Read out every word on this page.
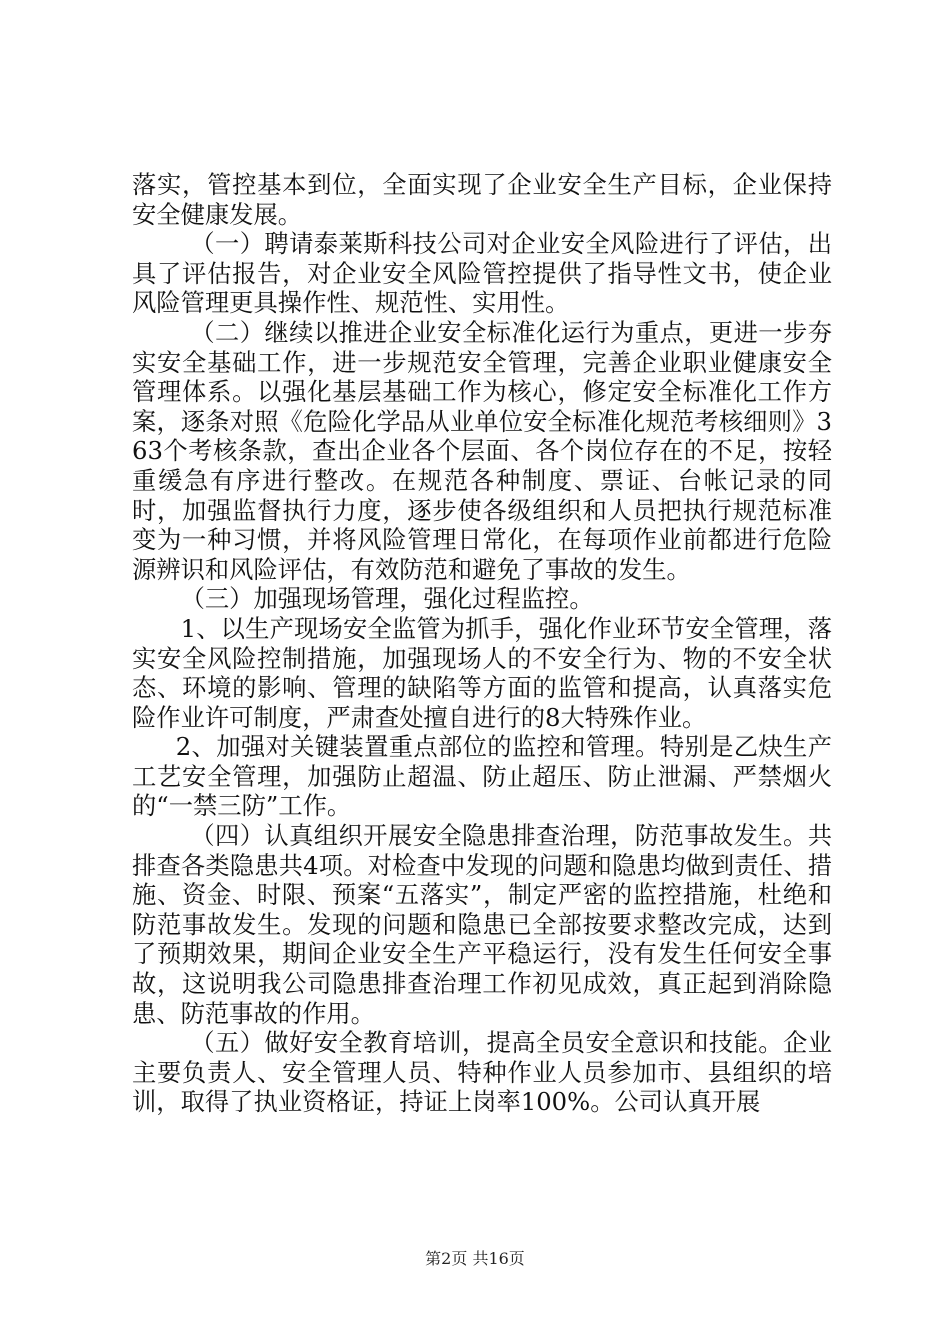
落实，管控基本到位，全面实现了企业安全生产目标，企业保持安全健康发展。

（一）聘请泰莱斯科技公司对企业安全风险进行了评估，出具了评估报告，对企业安全风险管控提供了指导性文书，使企业风险管理更具操作性、规范性、实用性。

（二）继续以推进企业安全标准化运行为重点，更进一步夯实安全基础工作，进一步规范安全管理，完善企业职业健康安全管理体系。以强化基层基础工作为核心，修定安全标准化工作方案，逐条对照《危险化学品从业单位安全标准化规范考核细则》363个考核条款，查出企业各个层面、各个岗位存在的不足，按轻重缓急有序进行整改。在规范各种制度、票证、台帐记录的同时，加强监督执行力度，逐步使各级组织和人员把执行规范标准变为一种习惯，并将风险管理日常化，在每项作业前都进行危险源辨识和风险评估，有效防范和避免了事故的发生。

（三）加强现场管理，强化过程监控。

1、以生产现场安全监管为抓手，强化作业环节安全管理，落实安全风险控制措施，加强现场人的不安全行为、物的不安全状态、环境的影响、管理的缺陷等方面的监管和提高，认真落实危险作业许可制度，严肃查处擅自进行的8大特殊作业。

2、加强对关键装置重点部位的监控和管理。特别是乙炔生产工艺安全管理，加强防止超温、防止超压、防止泄漏、严禁烟火的“一禁三防”工作。

（四）认真组织开展安全隐患排查治理，防范事故发生。共排查各类隐患共4项。对检查中发现的问题和隐患均做到责任、措施、资金、时限、预案“五落实”，制定严密的监控措施，杜绝和防范事故发生。发现的问题和隐患已全部按要求整改完成，达到了预期效果，期间企业安全生产平稳运行，没有发生任何安全事故，这说明我公司隐患排查治理工作初见成效，真正起到消除隐患、防范事故的作用。

（五）做好安全教育培训，提高全员安全意识和技能。企业主要负责人、安全管理人员、特种作业人员参加市、县组织的培训，取得了执业资格证，持证上岗率100%。公司认真开展

第2页 共16页
